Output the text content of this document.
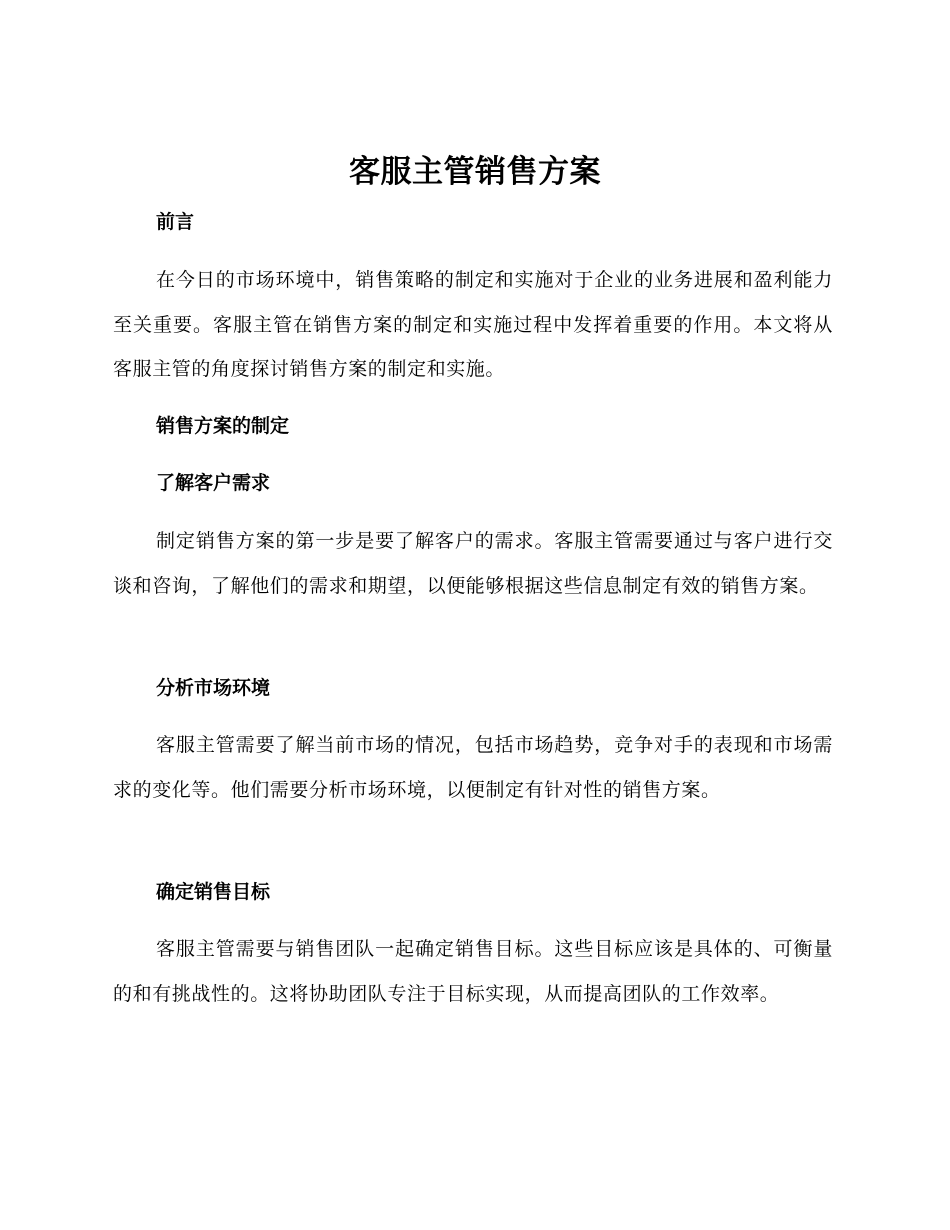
客服主管销售方案
前言

在今日的市场环境中，销售策略的制定和实施对于企业的业务进展和盈利能力至关重要。客服主管在销售方案的制定和实施过程中发挥着重要的作用。本文将从客服主管的角度探讨销售方案的制定和实施。

销售方案的制定
了解客户需求

制定销售方案的第一步是要了解客户的需求。客服主管需要通过与客户进行交谈和咨询，了解他们的需求和期望，以便能够根据这些信息制定有效的销售方案。

分析市场环境

客服主管需要了解当前市场的情况，包括市场趋势，竞争对手的表现和市场需求的变化等。他们需要分析市场环境，以便制定有针对性的销售方案。

确定销售目标

客服主管需要与销售团队一起确定销售目标。这些目标应该是具体的、可衡量的和有挑战性的。这将协助团队专注于目标实现，从而提高团队的工作效率。
